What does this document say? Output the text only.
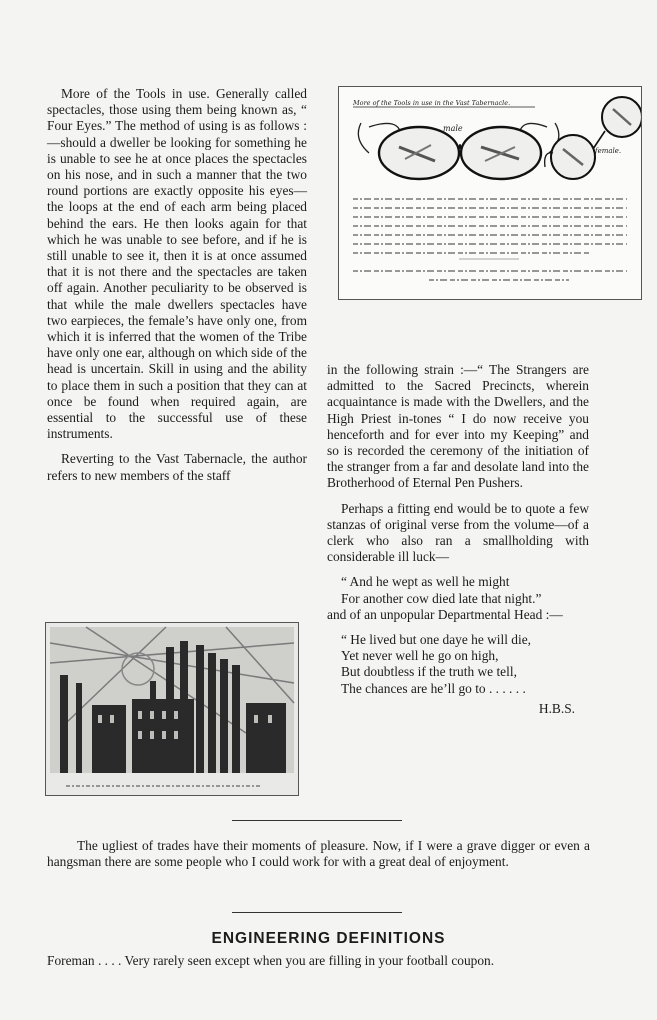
More of the Tools in use. Generally called spectacles, those using them being known as, “ Four Eyes.” The method of using is as follows :—should a dweller be looking for something he is unable to see he at once places the spectacles on his nose, and in such a manner that the two round portions are exactly opposite his eyes—the loops at the end of each arm being placed behind the ears. He then looks again for that which he was unable to see before, and if he is still unable to see it, then it is at once assumed that it is not there and the spectacles are taken off again. Another peculiarity to be observed is that while the male dwellers spectacles have two earpieces, the female’s have only one, from which it is inferred that the women of the Tribe have only one ear, although on which side of the head is uncertain. Skill in using and the ability to place them in such a position that they can at once be found when required again, are essential to the successful use of these instruments.

Reverting to the Vast Tabernacle, the author refers to new members of the staff

More of the Tools in use in the Vast Tabernacle.
male
female.

in the following strain :—“ The Strangers are admitted to the Sacred Precincts, wherein acquaintance is made with the Dwellers, and the High Priest in-tones “ I do now receive you henceforth and for ever into my Keeping” and so is recorded the ceremony of the initiation of the stranger from a far and desolate land into the Brotherhood of Eternal Pen Pushers.

Perhaps a fitting end would be to quote a few stanzas of original verse from the volume—of a clerk who also ran a smallholding with considerable ill luck—

“ And he wept as well he might
For another cow died late that night.”

and of an unpopular Departmental Head :—

“ He lived but one daye he will die,
Yet never well he go on high,
But doubtless if the truth we tell,
The chances are he’ll go to . . . . . .
H.B.S.

The ugliest of trades have their moments of pleasure. Now, if I were a grave digger or even a hangsman there are some people who I could work for with a great deal of enjoyment.

ENGINEERING DEFINITIONS
Foreman . . . . Very rarely seen except when you are filling in your football coupon.
